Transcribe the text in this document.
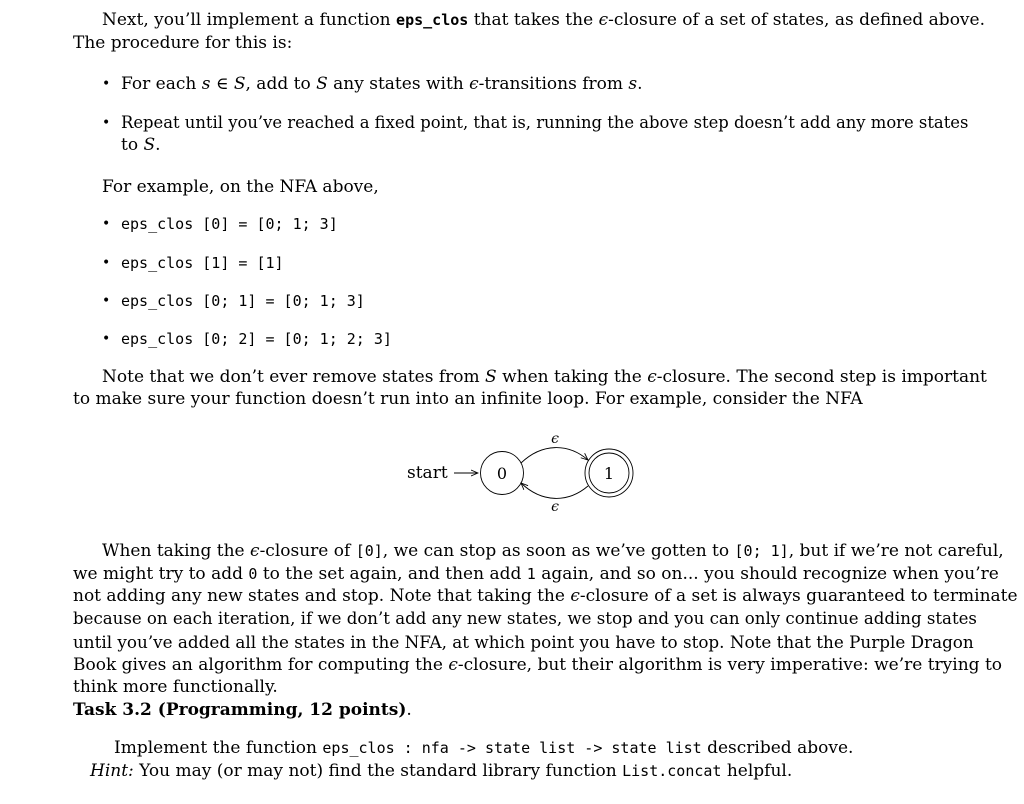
Next, you’ll implement a function eps_clos that takes the ϵ-closure of a set of states, as defined above.
The procedure for this is:
• For each s ∈ S, add to S any states with ϵ-transitions from s.
• Repeat until you’ve reached a fixed point, that is, running the above step doesn’t add any more states
to S.
For example, on the NFA above,
• eps_clos [0] = [0; 1; 3]
• eps_clos [1] = [1]
• eps_clos [0; 1] = [0; 1; 3]
• eps_clos [0; 2] = [0; 1; 2; 3]
Note that we don’t ever remove states from S when taking the ϵ-closure. The second step is important
to make sure your function doesn’t run into an infinite loop. For example, consider the NFA
start	0	1
ϵ
ϵ
When taking the ϵ-closure of [0], we can stop as soon as we’ve gotten to [0; 1], but if we’re not careful,
we might try to add 0 to the set again, and then add 1 again, and so on... you should recognize when you’re
not adding any new states and stop. Note that taking the ϵ-closure of a set is always guaranteed to terminate
because on each iteration, if we don’t add any new states, we stop and you can only continue adding states
until you’ve added all the states in the NFA, at which point you have to stop. Note that the Purple Dragon
Book gives an algorithm for computing the ϵ-closure, but their algorithm is very imperative: we’re trying to
think more functionally.
Task 3.2 (Programming, 12 points).
Implement the function eps_clos : nfa -> state list -> state list described above.
Hint: You may (or may not) find the standard library function List.concat helpful.
